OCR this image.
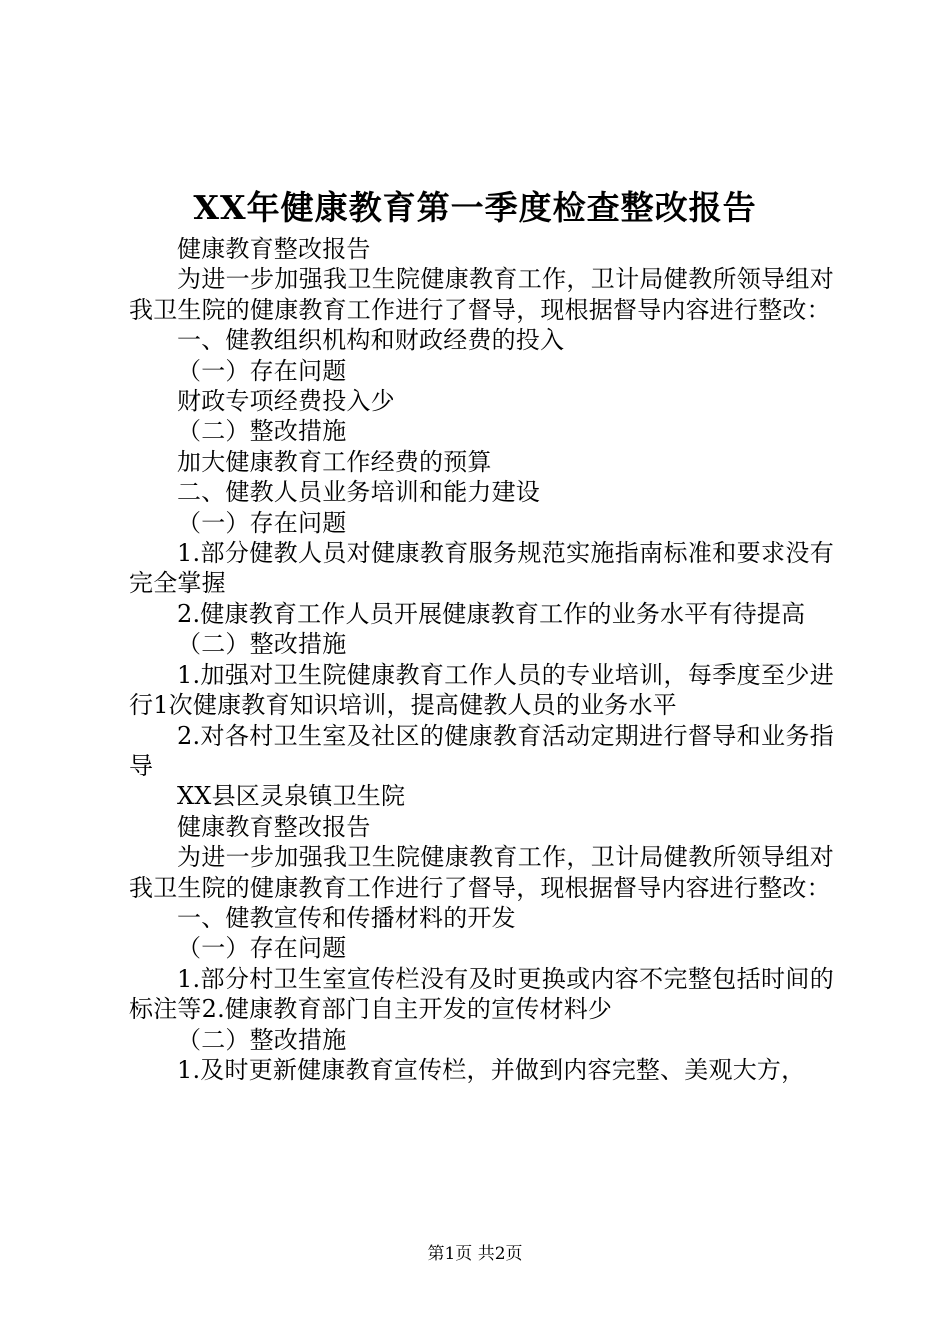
XX年健康教育第一季度检查整改报告

健康教育整改报告

为进一步加强我卫生院健康教育工作，卫计局健教所领导组对我卫生院的健康教育工作进行了督导，现根据督导内容进行整改：

一、健教组织机构和财政经费的投入

（一）存在问题

财政专项经费投入少

（二）整改措施

加大健康教育工作经费的预算

二、健教人员业务培训和能力建设

（一）存在问题

1.部分健教人员对健康教育服务规范实施指南标准和要求没有完全掌握

2.健康教育工作人员开展健康教育工作的业务水平有待提高

（二）整改措施

1.加强对卫生院健康教育工作人员的专业培训，每季度至少进行1次健康教育知识培训，提高健教人员的业务水平

2.对各村卫生室及社区的健康教育活动定期进行督导和业务指导

XX县区灵泉镇卫生院

健康教育整改报告

为进一步加强我卫生院健康教育工作，卫计局健教所领导组对我卫生院的健康教育工作进行了督导，现根据督导内容进行整改：

一、健教宣传和传播材料的开发

（一）存在问题

1.部分村卫生室宣传栏没有及时更换或内容不完整包括时间的标注等2.健康教育部门自主开发的宣传材料少

（二）整改措施

1.及时更新健康教育宣传栏，并做到内容完整、美观大方，

第1页 共2页
